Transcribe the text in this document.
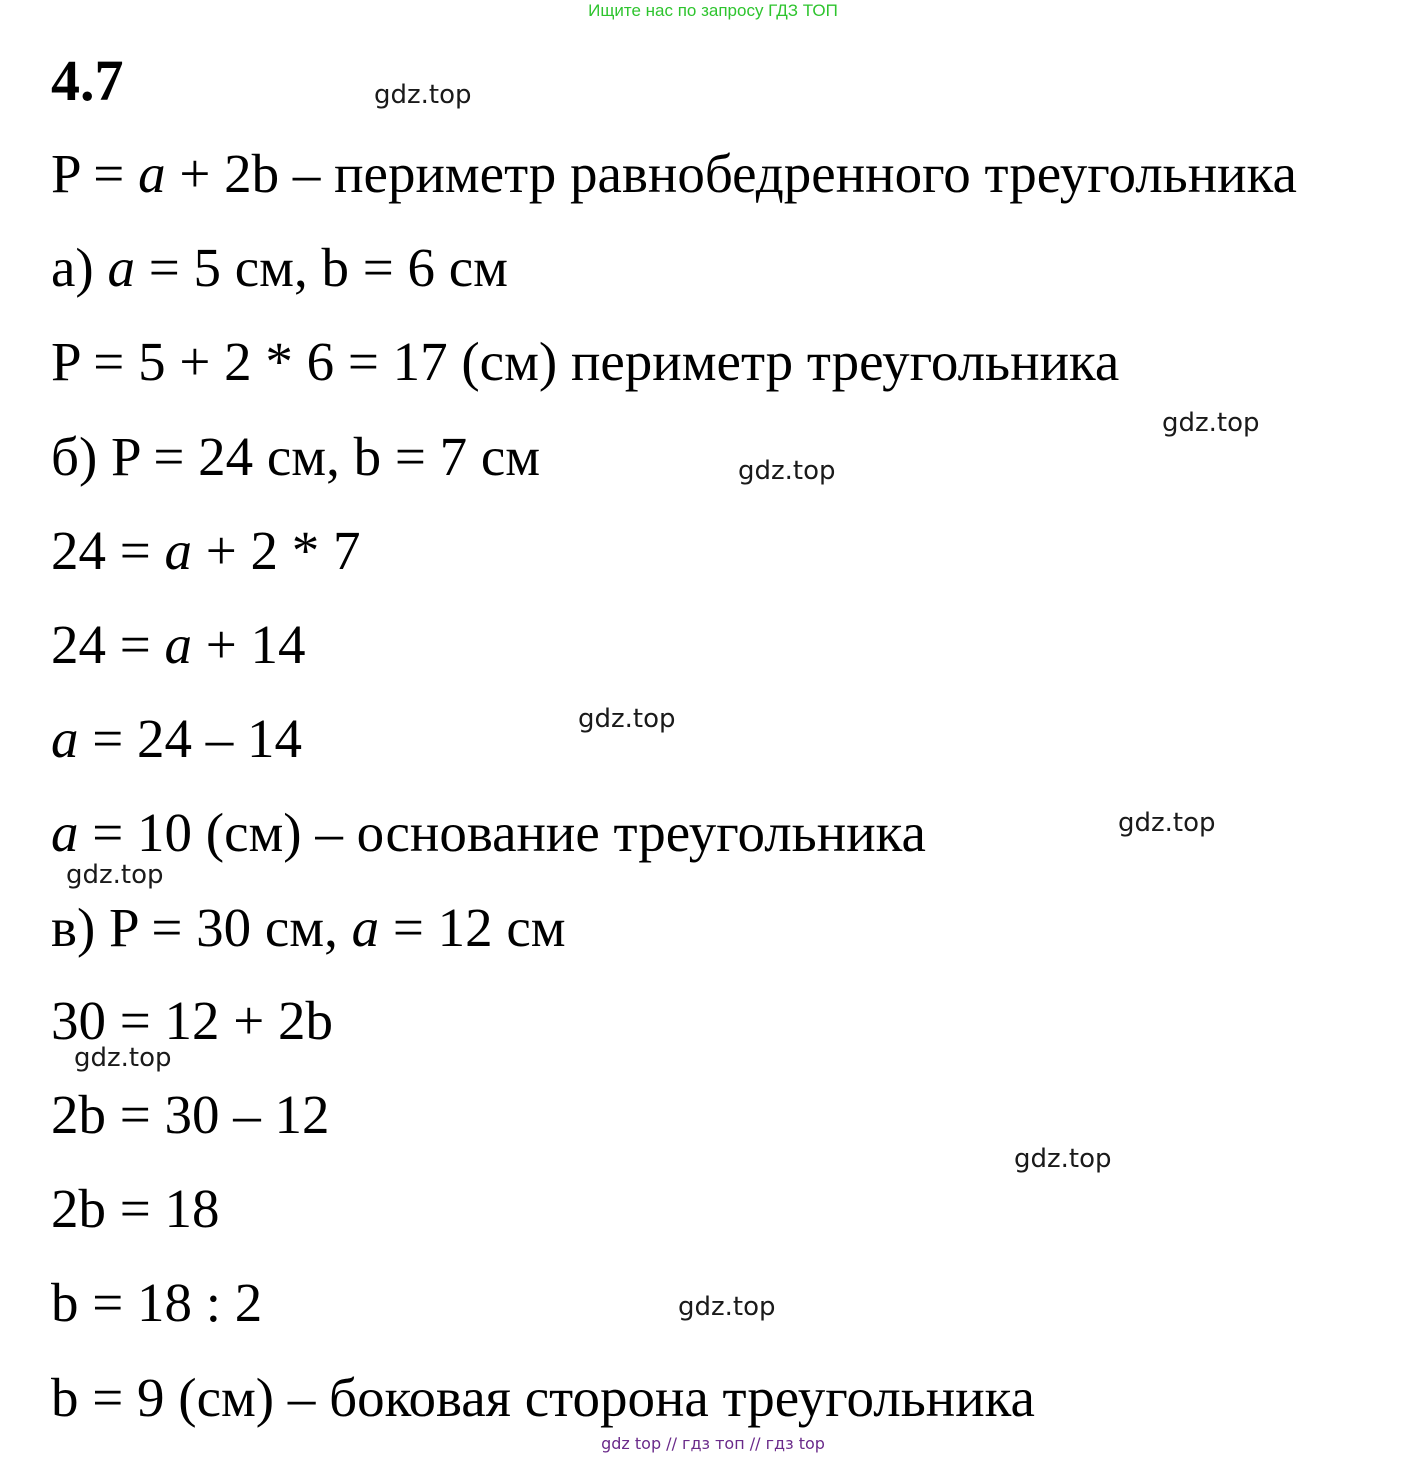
Ищите нас по запросу ГДЗ ТОП
4.7
P = a + 2b – периметр равнобедренного треугольника
а) a = 5 см, b = 6 см
P = 5 + 2 * 6 = 17 (см) периметр треугольника
б) P = 24 см, b = 7 см
24 = a + 2 * 7
24 = a + 14
a = 24 – 14
a = 10 (см) – основание треугольника
в) P = 30 см, a = 12 см
30 = 12 + 2b
2b = 30 – 12
2b = 18
b = 18 : 2
b = 9 (см) – боковая сторона треугольника
gdz.top
gdz.top
gdz.top
gdz.top
gdz.top
gdz.top
gdz.top
gdz.top
gdz.top
gdz top // гдз топ // гдз top
